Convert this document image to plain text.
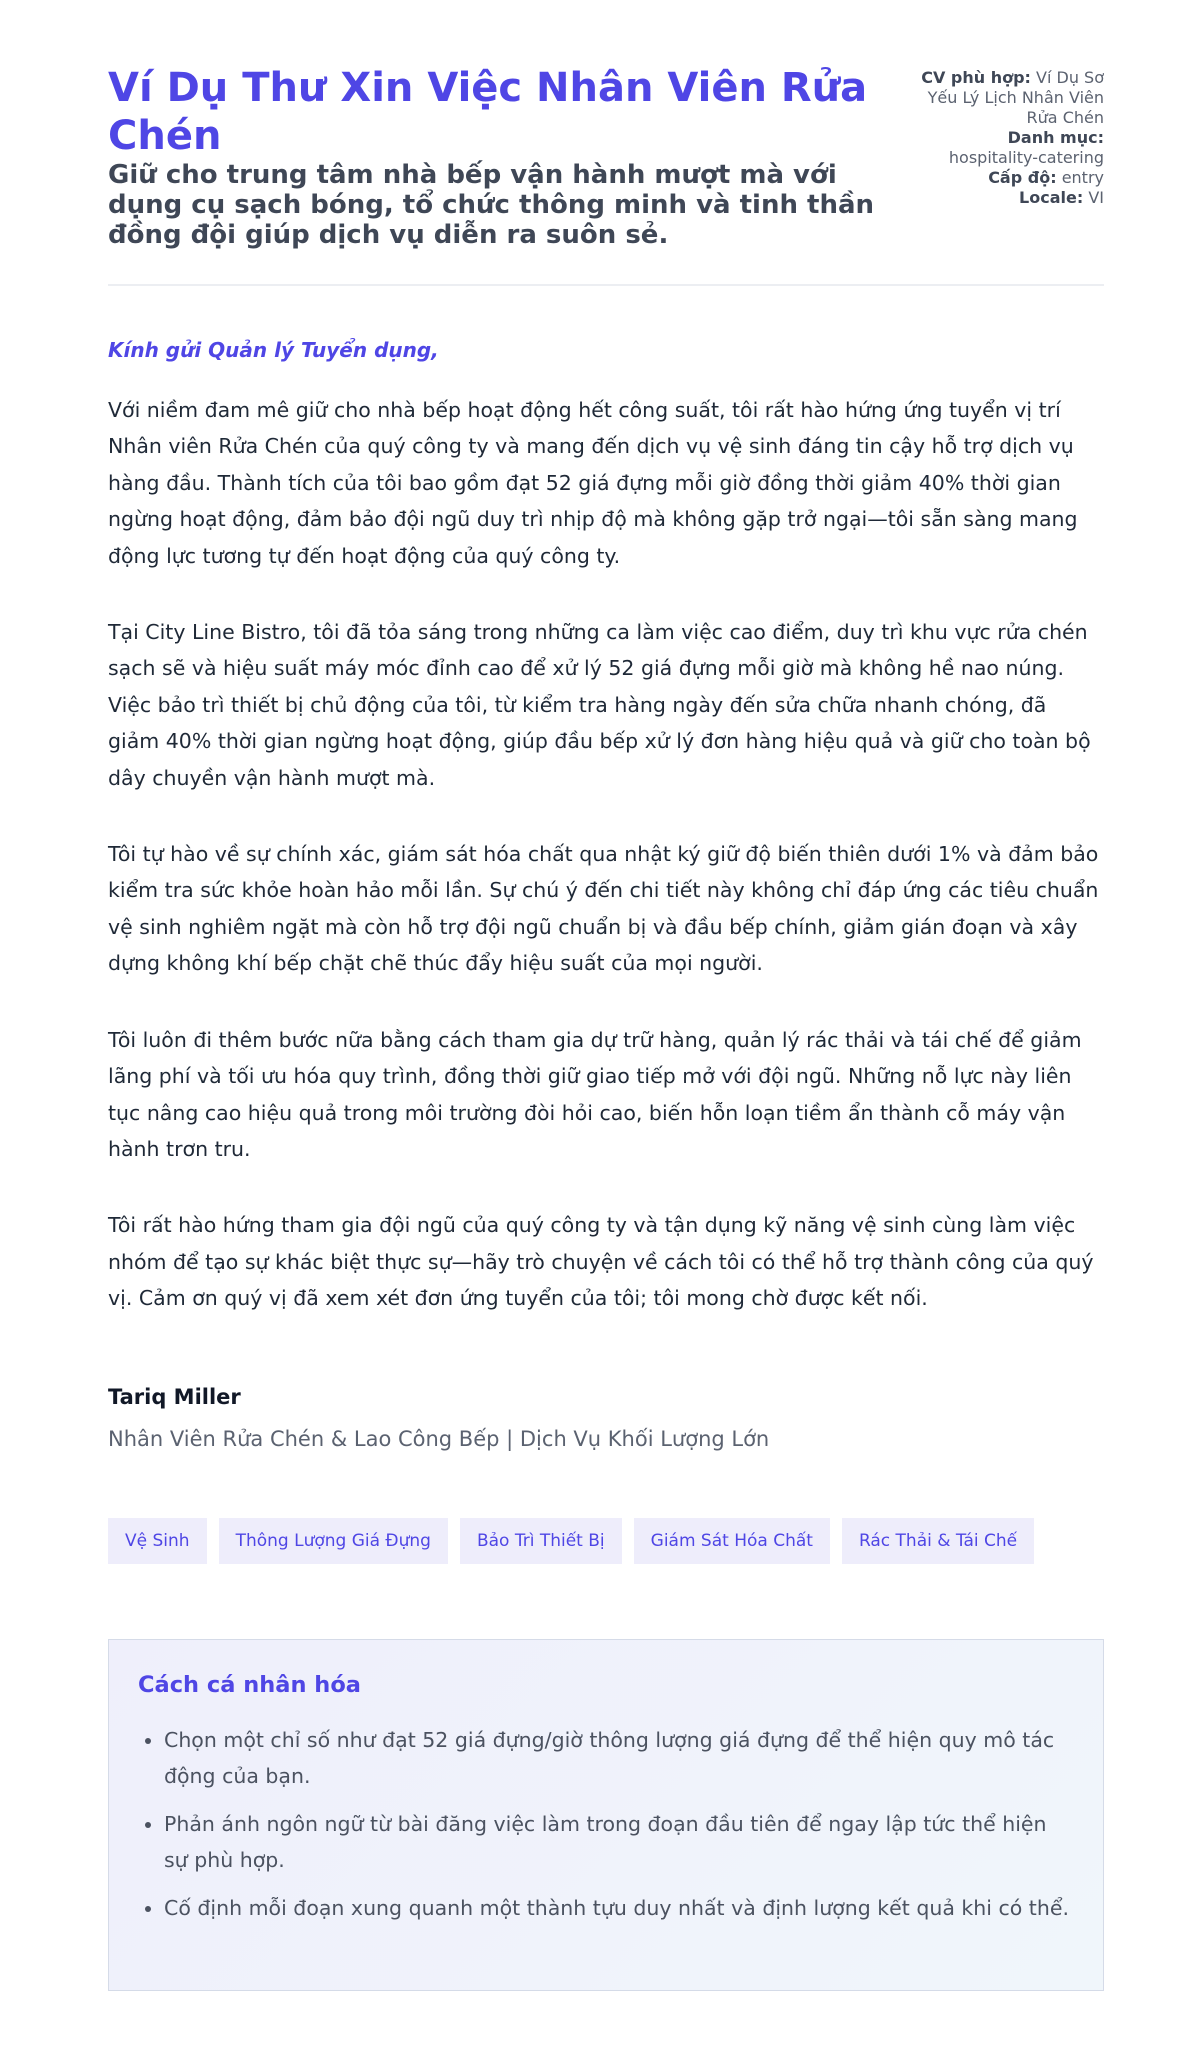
Ví Dụ Thư Xin Việc Nhân Viên Rửa Chén

Giữ cho trung tâm nhà bếp vận hành mượt mà với dụng cụ sạch bóng, tổ chức thông minh và tinh thần đồng đội giúp dịch vụ diễn ra suôn sẻ.

CV phù hợp: Ví Dụ Sơ Yếu Lý Lịch Nhân Viên Rửa Chén
Danh mục:
hospitality-catering
Cấp độ: entry
Locale: VI

Kính gửi Quản lý Tuyển dụng,

Với niềm đam mê giữ cho nhà bếp hoạt động hết công suất, tôi rất hào hứng ứng tuyển vị trí Nhân viên Rửa Chén của quý công ty và mang đến dịch vụ vệ sinh đáng tin cậy hỗ trợ dịch vụ hàng đầu. Thành tích của tôi bao gồm đạt 52 giá đựng mỗi giờ đồng thời giảm 40% thời gian ngừng hoạt động, đảm bảo đội ngũ duy trì nhịp độ mà không gặp trở ngại—tôi sẵn sàng mang động lực tương tự đến hoạt động của quý công ty.

Tại City Line Bistro, tôi đã tỏa sáng trong những ca làm việc cao điểm, duy trì khu vực rửa chén sạch sẽ và hiệu suất máy móc đỉnh cao để xử lý 52 giá đựng mỗi giờ mà không hề nao núng. Việc bảo trì thiết bị chủ động của tôi, từ kiểm tra hàng ngày đến sửa chữa nhanh chóng, đã giảm 40% thời gian ngừng hoạt động, giúp đầu bếp xử lý đơn hàng hiệu quả và giữ cho toàn bộ dây chuyền vận hành mượt mà.

Tôi tự hào về sự chính xác, giám sát hóa chất qua nhật ký giữ độ biến thiên dưới 1% và đảm bảo kiểm tra sức khỏe hoàn hảo mỗi lần. Sự chú ý đến chi tiết này không chỉ đáp ứng các tiêu chuẩn vệ sinh nghiêm ngặt mà còn hỗ trợ đội ngũ chuẩn bị và đầu bếp chính, giảm gián đoạn và xây dựng không khí bếp chặt chẽ thúc đẩy hiệu suất của mọi người.

Tôi luôn đi thêm bước nữa bằng cách tham gia dự trữ hàng, quản lý rác thải và tái chế để giảm lãng phí và tối ưu hóa quy trình, đồng thời giữ giao tiếp mở với đội ngũ. Những nỗ lực này liên tục nâng cao hiệu quả trong môi trường đòi hỏi cao, biến hỗn loạn tiềm ẩn thành cỗ máy vận hành trơn tru.

Tôi rất hào hứng tham gia đội ngũ của quý công ty và tận dụng kỹ năng vệ sinh cùng làm việc nhóm để tạo sự khác biệt thực sự—hãy trò chuyện về cách tôi có thể hỗ trợ thành công của quý vị. Cảm ơn quý vị đã xem xét đơn ứng tuyển của tôi; tôi mong chờ được kết nối.

Tariq Miller

Nhân Viên Rửa Chén & Lao Công Bếp | Dịch Vụ Khối Lượng Lớn

Vệ Sinh	Thông Lượng Giá Đựng	Bảo Trì Thiết Bị	Giám Sát Hóa Chất	Rác Thải & Tái Chế
Cách cá nhân hóa
• Chọn một chỉ số như đạt 52 giá đựng/giờ thông lượng giá đựng để thể hiện quy mô tác động của bạn.
• Phản ánh ngôn ngữ từ bài đăng việc làm trong đoạn đầu tiên để ngay lập tức thể hiện sự phù hợp.
• Cố định mỗi đoạn xung quanh một thành tựu duy nhất và định lượng kết quả khi có thể.
